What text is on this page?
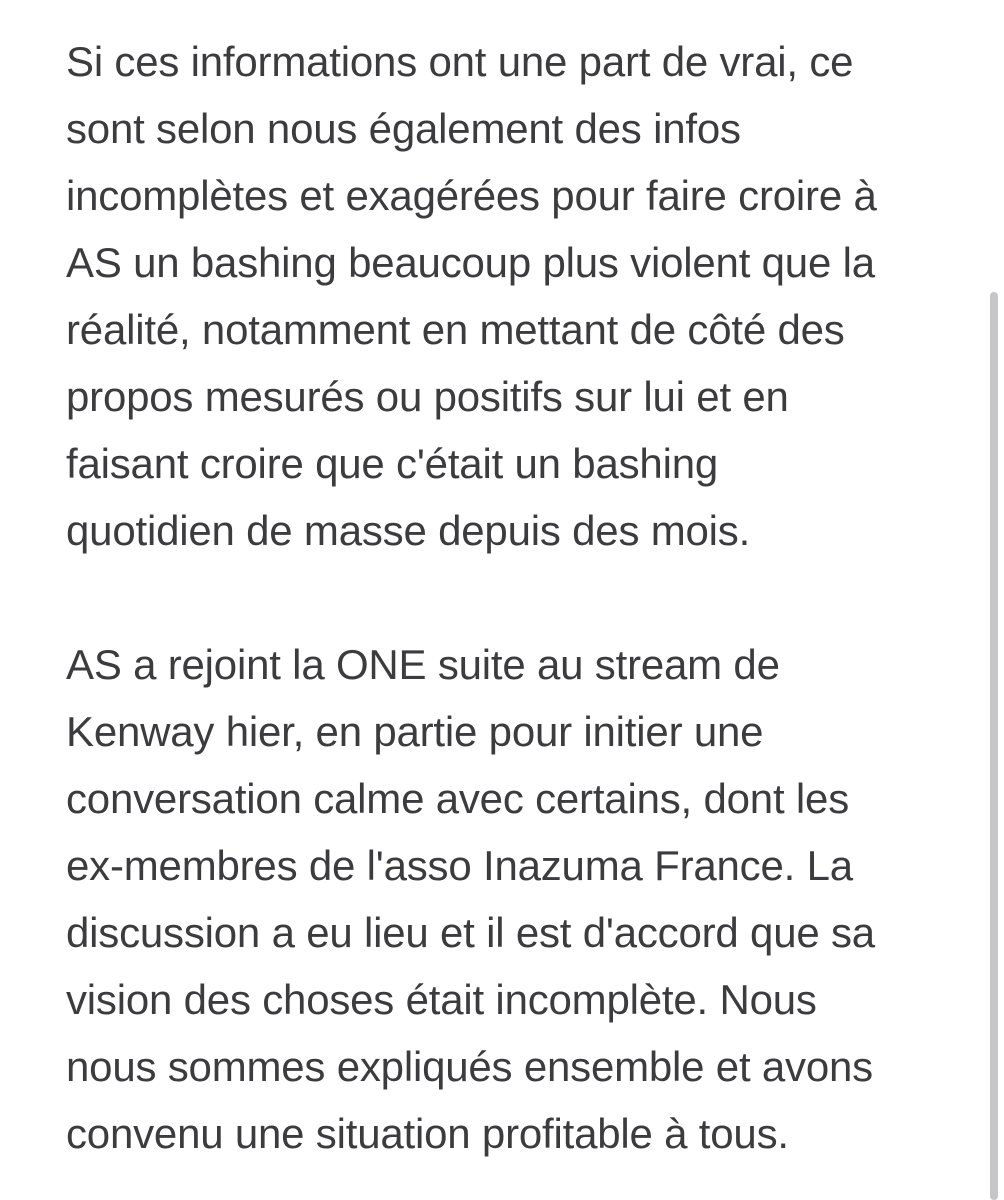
Si ces informations ont une part de vrai, ce
sont selon nous également des infos
incomplètes et exagérées pour faire croire à
AS un bashing beaucoup plus violent que la
réalité, notamment en mettant de côté des
propos mesurés ou positifs sur lui et en
faisant croire que c'était un bashing
quotidien de masse depuis des mois.

AS a rejoint la ONE suite au stream de
Kenway hier, en partie pour initier une
conversation calme avec certains, dont les
ex-membres de l'asso Inazuma France. La
discussion a eu lieu et il est d'accord que sa
vision des choses était incomplète. Nous
nous sommes expliqués ensemble et avons
convenu une situation profitable à tous.
